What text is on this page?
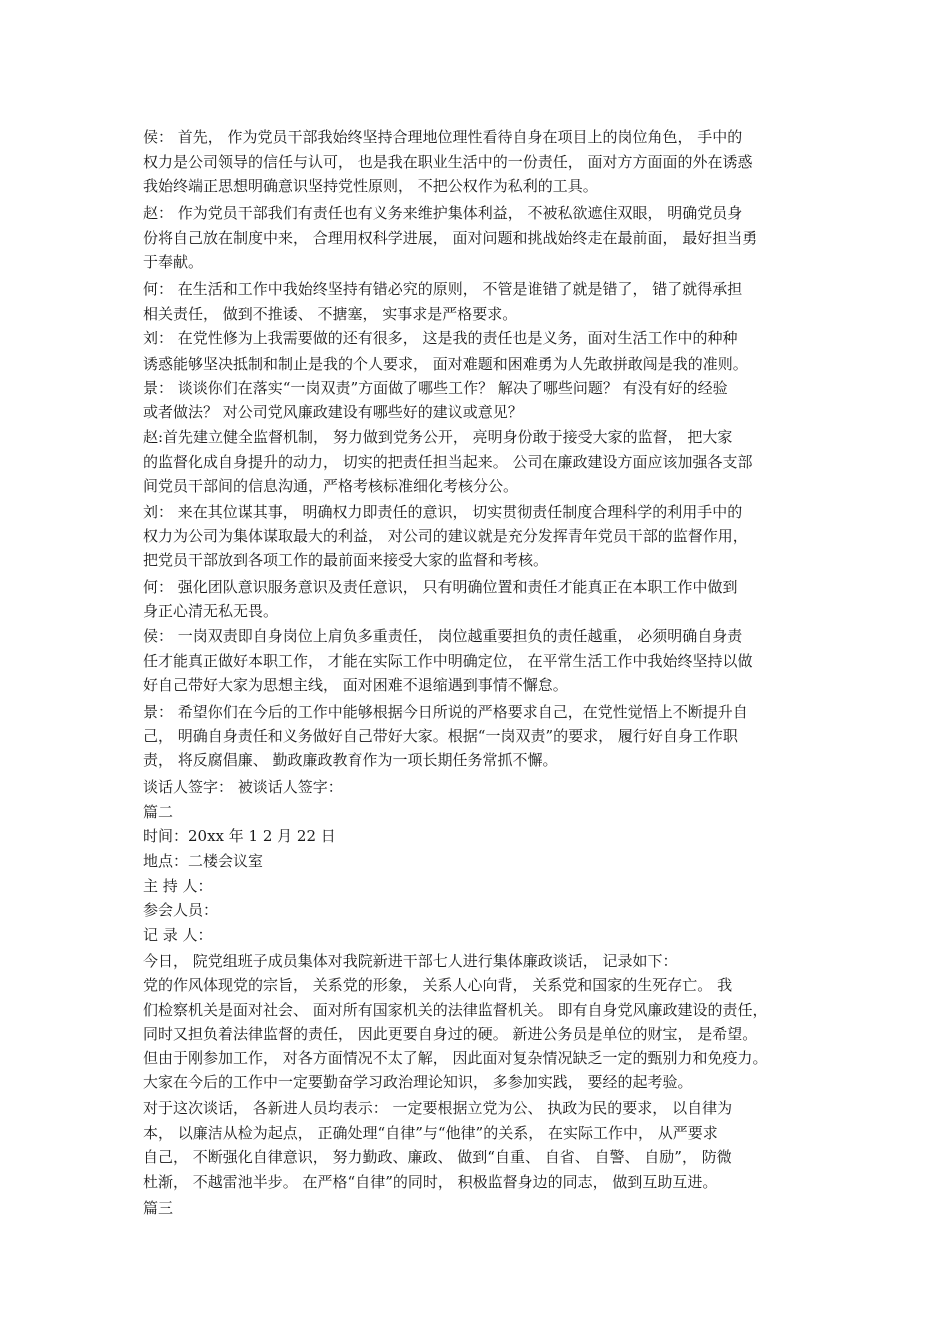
侯： 首先， 作为党员干部我始终坚持合理地位理性看待自身在项目上的岗位角色， 手中的
权力是公司领导的信任与认可， 也是我在职业生活中的一份责任， 面对方方面面的外在诱惑
我始终端正思想明确意识坚持党性原则， 不把公权作为私利的工具。
赵： 作为党员干部我们有责任也有义务来维护集体利益， 不被私欲遮住双眼， 明确党员身
份将自己放在制度中来， 合理用权科学进展， 面对问题和挑战始终走在最前面， 最好担当勇
于奉献。
何： 在生活和工作中我始终坚持有错必究的原则， 不管是谁错了就是错了， 错了就得承担
相关责任， 做到不推诿、 不搪塞， 实事求是严格要求。
刘： 在党性修为上我需要做的还有很多， 这是我的责任也是义务，面对生活工作中的种种
诱惑能够坚决抵制和制止是我的个人要求， 面对难题和困难勇为人先敢拼敢闯是我的准则。
景： 谈谈你们在落实“一岗双责”方面做了哪些工作？ 解决了哪些问题？ 有没有好的经验
或者做法？ 对公司党风廉政建设有哪些好的建议或意见？
赵:首先建立健全监督机制， 努力做到党务公开， 亮明身份敢于接受大家的监督， 把大家
的监督化成自身提升的动力， 切实的把责任担当起来。 公司在廉政建设方面应该加强各支部
间党员干部间的信息沟通，严格考核标准细化考核分公。
刘： 来在其位谋其事， 明确权力即责任的意识， 切实贯彻责任制度合理科学的利用手中的
权力为公司为集体谋取最大的利益， 对公司的建议就是充分发挥青年党员干部的监督作用，
把党员干部放到各项工作的最前面来接受大家的监督和考核。
何： 强化团队意识服务意识及责任意识， 只有明确位置和责任才能真正在本职工作中做到
身正心清无私无畏。
侯： 一岗双责即自身岗位上肩负多重责任， 岗位越重要担负的责任越重， 必须明确自身责
任才能真正做好本职工作， 才能在实际工作中明确定位， 在平常生活工作中我始终坚持以做
好自己带好大家为思想主线， 面对困难不退缩遇到事情不懈怠。
景： 希望你们在今后的工作中能够根据今日所说的严格要求自己，在党性觉悟上不断提升自
己， 明确自身责任和义务做好自己带好大家。根据“一岗双责”的要求， 履行好自身工作职
责， 将反腐倡廉、 勤政廉政教育作为一项长期任务常抓不懈。
谈话人签字： 被谈话人签字：
篇二
时间：20xx 年 1 2 月 22 日
地点：二楼会议室
主 持 人：
参会人员：
记 录 人：
今日， 院党组班子成员集体对我院新进干部七人进行集体廉政谈话， 记录如下：
党的作风体现党的宗旨， 关系党的形象， 关系人心向背， 关系党和国家的生死存亡。 我
们检察机关是面对社会、 面对所有国家机关的法律监督机关。 即有自身党风廉政建设的责任，
同时又担负着法律监督的责任， 因此更要自身过的硬。 新进公务员是单位的财宝， 是希望。
但由于刚参加工作， 对各方面情况不太了解， 因此面对复杂情况缺乏一定的甄别力和免疫力。
大家在今后的工作中一定要勤奋学习政治理论知识， 多参加实践， 要经的起考验。
对于这次谈话， 各新进人员均表示： 一定要根据立党为公、 执政为民的要求， 以自律为
本， 以廉洁从检为起点， 正确处理“自律”与“他律”的关系， 在实际工作中， 从严要求
自己， 不断强化自律意识， 努力勤政、廉政、 做到“自重、 自省、 自警、 自励”， 防微
杜渐， 不越雷池半步。 在严格“自律”的同时， 积极监督身边的同志， 做到互助互进。
篇三
